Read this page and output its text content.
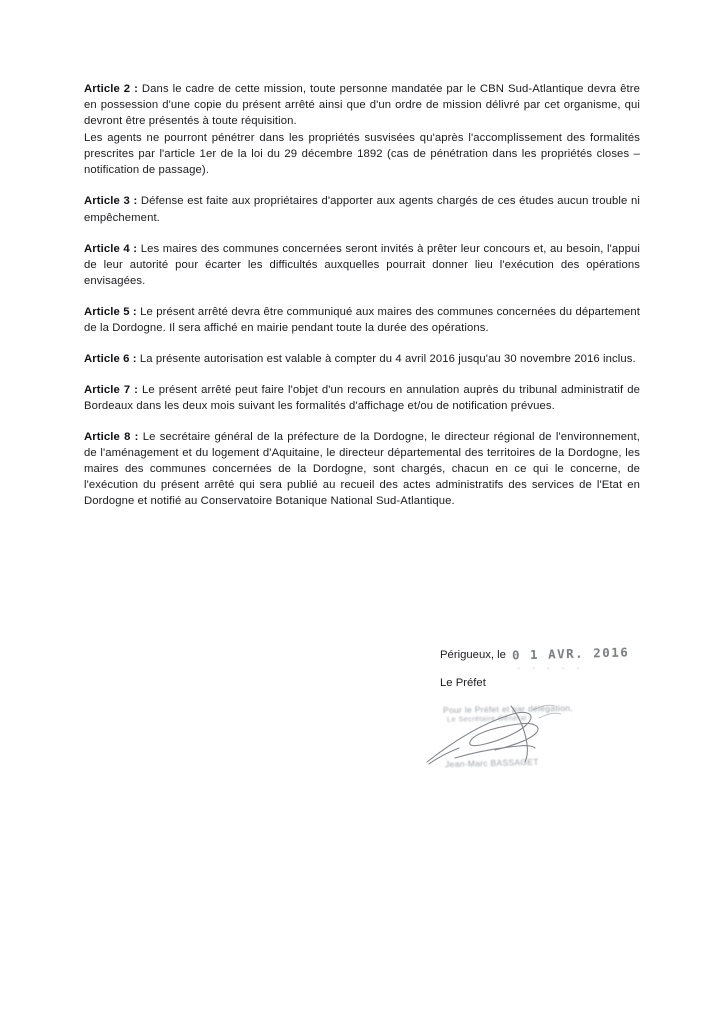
Article 2 : Dans le cadre de cette mission, toute personne mandatée par le CBN Sud-Atlantique devra être en possession d'une copie du présent arrêté ainsi que d'un ordre de mission délivré par cet organisme, qui devront être présentés à toute réquisition.
Les agents ne pourront pénétrer dans les propriétés susvisées qu'après l'accomplissement des formalités prescrites par l'article 1er de la loi du 29 décembre 1892 (cas de pénétration dans les propriétés closes – notification de passage).

Article 3 : Défense est faite aux propriétaires d'apporter aux agents chargés de ces études aucun trouble ni empêchement.

Article 4 : Les maires des communes concernées seront invités à prêter leur concours et, au besoin, l'appui de leur autorité pour écarter les difficultés auxquelles pourrait donner lieu l'exécution des opérations envisagées.

Article 5 : Le présent arrêté devra être communiqué aux maires des communes concernées du département de la Dordogne. Il sera affiché en mairie pendant toute la durée des opérations.

Article 6 : La présente autorisation est valable à compter du 4 avril 2016 jusqu'au 30 novembre 2016 inclus.

Article 7 : Le présent arrêté peut faire l'objet d'un recours en annulation auprès du tribunal administratif de Bordeaux dans les deux mois suivant les formalités d'affichage et/ou de notification prévues.

Article 8 : Le secrétaire général de la préfecture de la Dordogne, le directeur régional de l'environnement, de l'aménagement et du logement d'Aquitaine, le directeur départemental des territoires de la Dordogne, les maires des communes concernées de la Dordogne, sont chargés, chacun en ce qui le concerne, de l'exécution du présent arrêté qui sera publié au recueil des actes administratifs des services de l'Etat en Dordogne et notifié au Conservatoire Botanique National Sud-Atlantique.

Périgueux, le 0 1 AVR. 2016
. . . . .
Le Préfet
Pour le Préfet et par délégation,
Le Secrétaire Général
Jean-Marc BASSAGET
